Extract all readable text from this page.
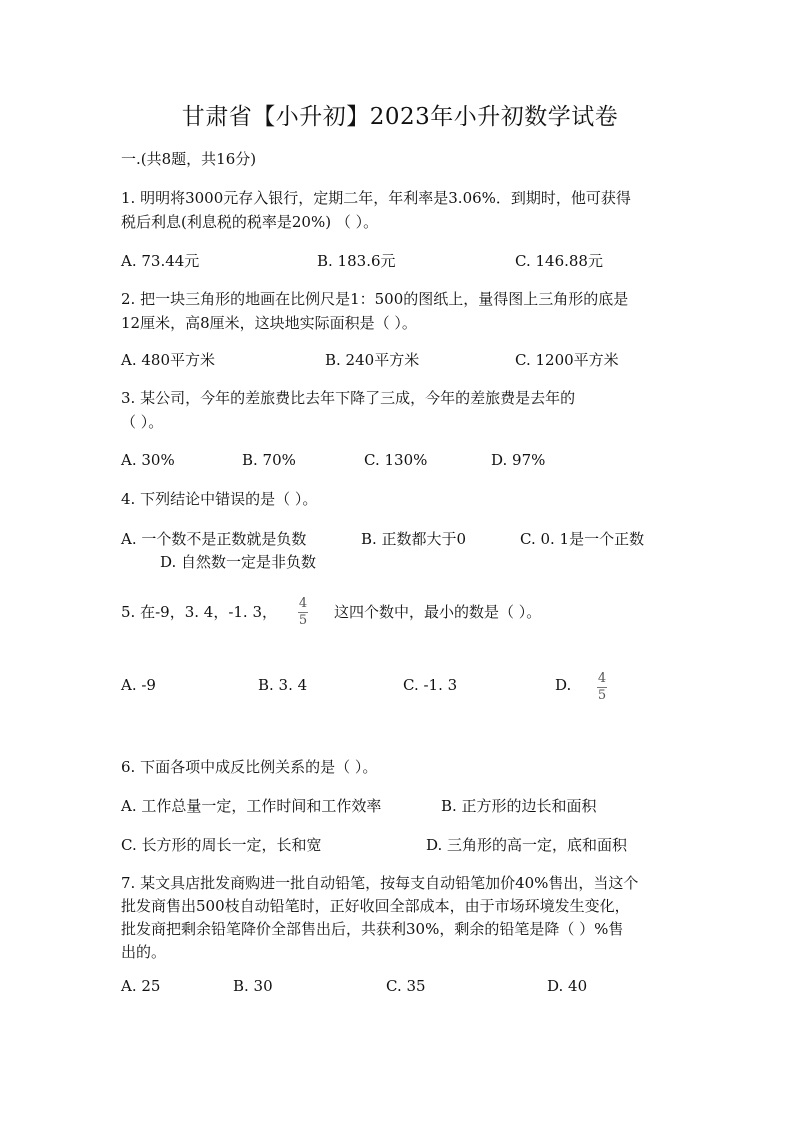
甘肃省【小升初】2023年小升初数学试卷
一.(共8题，共16分)
1. 明明将3000元存入银行，定期二年，年利率是3.06%．到期时，他可获得
税后利息(利息税的税率是20%) （ ）。
A. 73.44元	B. 183.6元	C. 146.88元
2. 把一块三角形的地画在比例尺是1：500的图纸上，量得图上三角形的底是
12厘米，高8厘米，这块地实际面积是（ ）。
A. 480平方米	B. 240平方米	C. 1200平方米
3. 某公司，今年的差旅费比去年下降了三成，今年的差旅费是去年的
（ ）。
A. 30%	B. 70%	C. 130%	D. 97%
4. 下列结论中错误的是（ ）。
A. 一个数不是正数就是负数	B. 正数都大于0	C. 0. 1是一个正数
D. 自然数一定是非负数
5. 在-9，3. 4，-1. 3， 4
5 这四个数中，最小的数是（ ）。
A. -9	B. 3. 4	C. -1. 3	D. 4
5
6. 下面各项中成反比例关系的是（ ）。
A. 工作总量一定，工作时间和工作效率	B. 正方形的边长和面积
C. 长方形的周长一定，长和宽	D. 三角形的高一定，底和面积
7. 某文具店批发商购进一批自动铅笔，按每支自动铅笔加价40%售出，当这个
批发商售出500枝自动铅笔时，正好收回全部成本，由于市场环境发生变化，
批发商把剩余铅笔降价全部售出后，共获利30%，剩余的铅笔是降（ ）%售
出的。
A. 25	B. 30	C. 35	D. 40
